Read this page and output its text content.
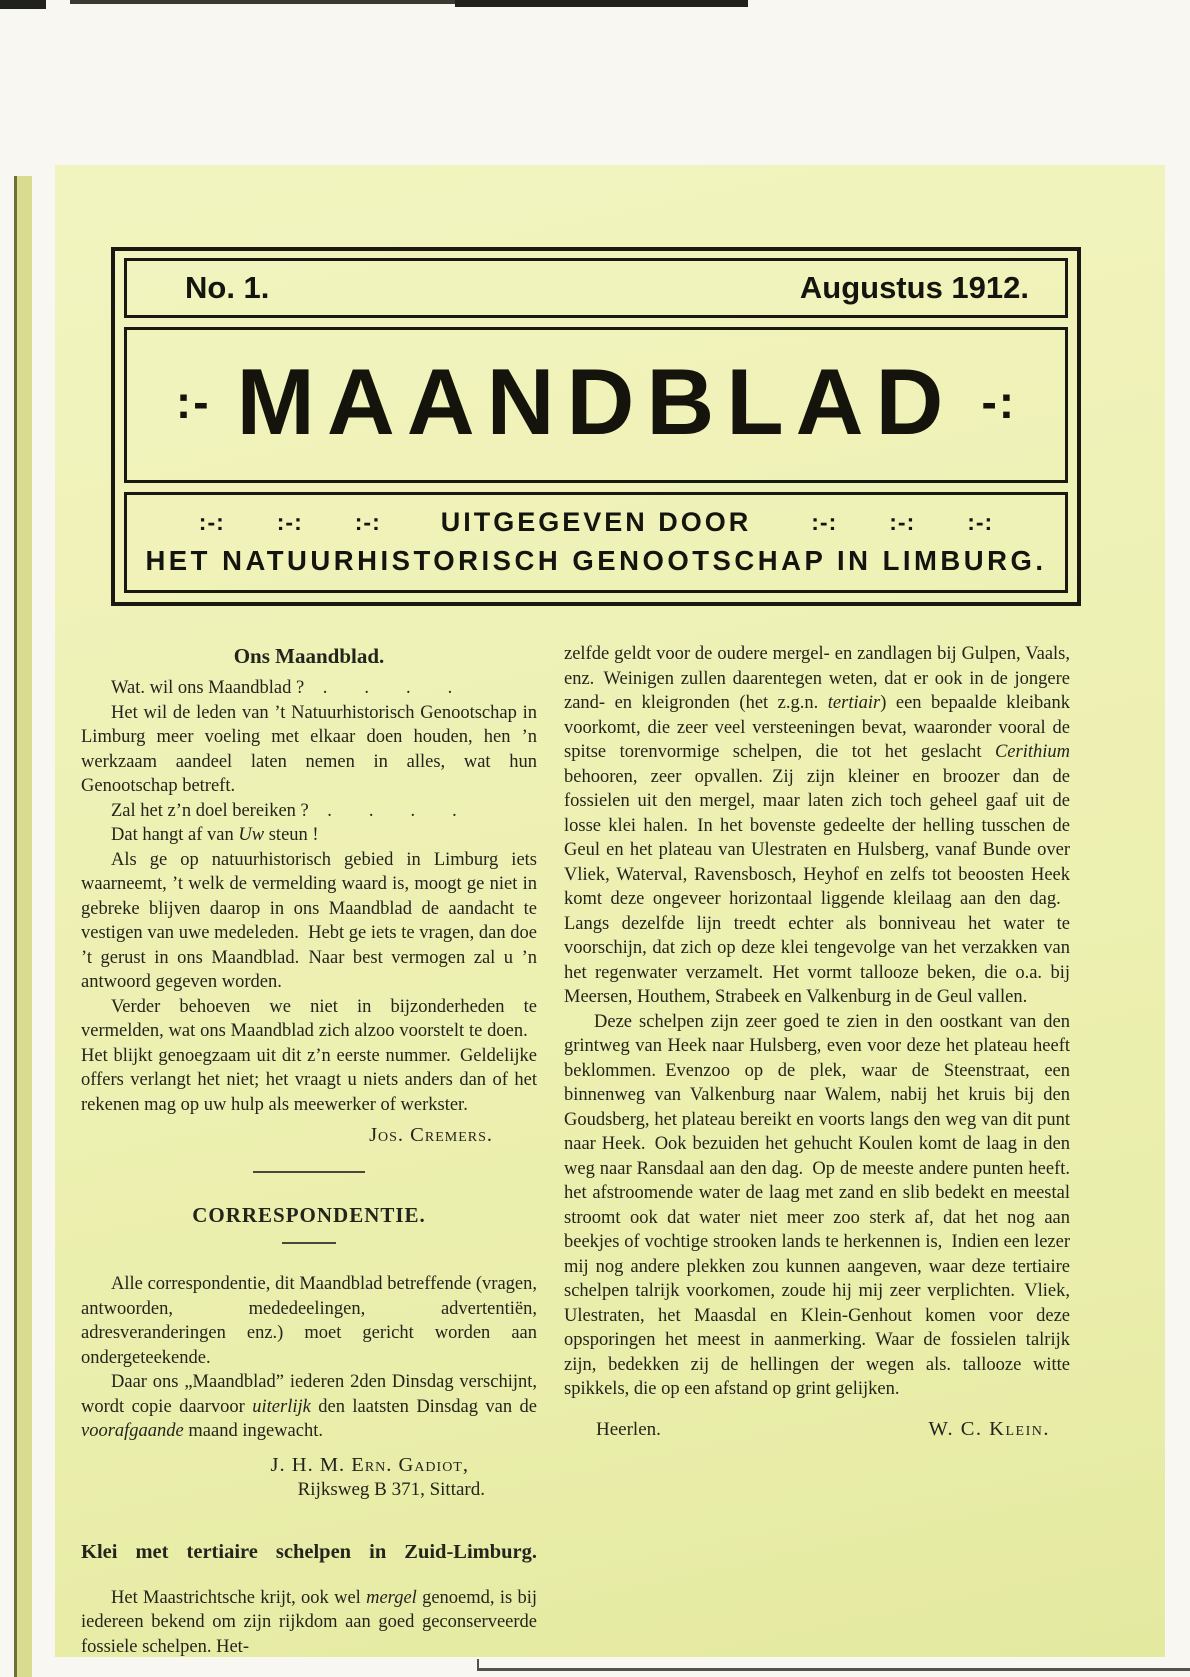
No. 1.	Augustus 1912.
:- MAANDBLAD -:
:-: :-: :-: UITGEGEVEN DOOR	:-: :-: :-:
HET NATUURHISTORISCH GENOOTSCHAP IN LIMBURG.
Ons Maandblad.

Wat. wil ons Maandblad ? .  .  .  .

Het wil de leden van ’t Natuurhistorisch Genootschap in Limburg meer voeling met elkaar doen houden, hen ’n werkzaam aandeel laten nemen in alles, wat hun Genootschap betreft.

Zal het z’n doel bereiken ? .  .  .  .

Dat hangt af van Uw steun !

Als ge op natuurhistorisch gebied in Limburg iets waarneemt, ’t welk de vermelding waard is, moogt ge niet in gebreke blijven daarop in ons Maandblad de aandacht te vestigen van uwe medeleden. Hebt ge iets te vragen, dan doe ’t gerust in ons Maandblad. Naar best vermogen zal u ’n antwoord gegeven worden.

Verder behoeven we niet in bijzonderheden te vermelden, wat ons Maandblad zich alzoo voorstelt te doen. Het blijkt genoegzaam uit dit z’n eerste nummer. Geldelijke offers verlangt het niet; het vraagt u niets anders dan of het rekenen mag op uw hulp als meewerker of werkster.

Jos. Cremers.
CORRESPONDENTIE.

Alle correspondentie, dit Maandblad betreffende (vragen, antwoorden, mededeelingen, advertentiën, adresveranderingen enz.) moet gericht worden aan ondergeteekende.

Daar ons „Maandblad” iederen 2den Dinsdag verschijnt, wordt copie daarvoor uiterlijk den laatsten Dinsdag van de voorafgaande maand ingewacht.

J. H. M. Ern. Gadiot,
Rijksweg B 371, Sittard.
Klei met tertiaire schelpen in Zuid-Limburg.

Het Maastrichtsche krijt, ook wel mergel genoemd, is bij iedereen bekend om zijn rijkdom aan goed geconserveerde fossiele schelpen. Het-

zelfde geldt voor de oudere mergel- en zandlagen bij Gulpen, Vaals, enz. Weinigen zullen daarentegen weten, dat er ook in de jongere zand- en kleigronden (het z.g.n. tertiair) een bepaalde kleibank voorkomt, die zeer veel versteeningen bevat, waaronder vooral de spitse torenvormige schelpen, die tot het geslacht Cerithium behooren, zeer opvallen. Zij zijn kleiner en broozer dan de fossielen uit den mergel, maar laten zich toch geheel gaaf uit de losse klei halen. In het bovenste gedeelte der helling tusschen de Geul en het plateau van Ulestraten en Hulsberg, vanaf Bunde over Vliek, Waterval, Ravensbosch, Heyhof en zelfs tot beoosten Heek komt deze ongeveer horizontaal liggende kleilaag aan den dag. Langs dezelfde lijn treedt echter als bonniveau het water te voorschijn, dat zich op deze klei tengevolge van het verzakken van het regenwater verzamelt. Het vormt tallooze beken, die o.a. bij Meersen, Houthem, Strabeek en Valkenburg in de Geul vallen.

Deze schelpen zijn zeer goed te zien in den oostkant van den grintweg van Heek naar Hulsberg, even voor deze het plateau heeft beklommen. Evenzoo op de plek, waar de Steenstraat, een binnenweg van Valkenburg naar Walem, nabij het kruis bij den Goudsberg, het plateau bereikt en voorts langs den weg van dit punt naar Heek. Ook bezuiden het gehucht Koulen komt de laag in den weg naar Ransdaal aan den dag. Op de meeste andere punten heeft. het afstroomende water de laag met zand en slib bedekt en meestal stroomt ook dat water niet meer zoo sterk af, dat het nog aan beekjes of vochtige strooken lands te herkennen is, Indien een lezer mij nog andere plekken zou kunnen aangeven, waar deze tertiaire schelpen talrijk voorkomen, zoude hij mij zeer verplichten. Vliek, Ulestraten, het Maasdal en Klein-Genhout komen voor deze opsporingen het meest in aanmerking. Waar de fossielen talrijk zijn, bedekken zij de hellingen der wegen als. tallooze witte spikkels, die op een afstand op grint gelijken.

Heerlen.	W. C. Klein.
